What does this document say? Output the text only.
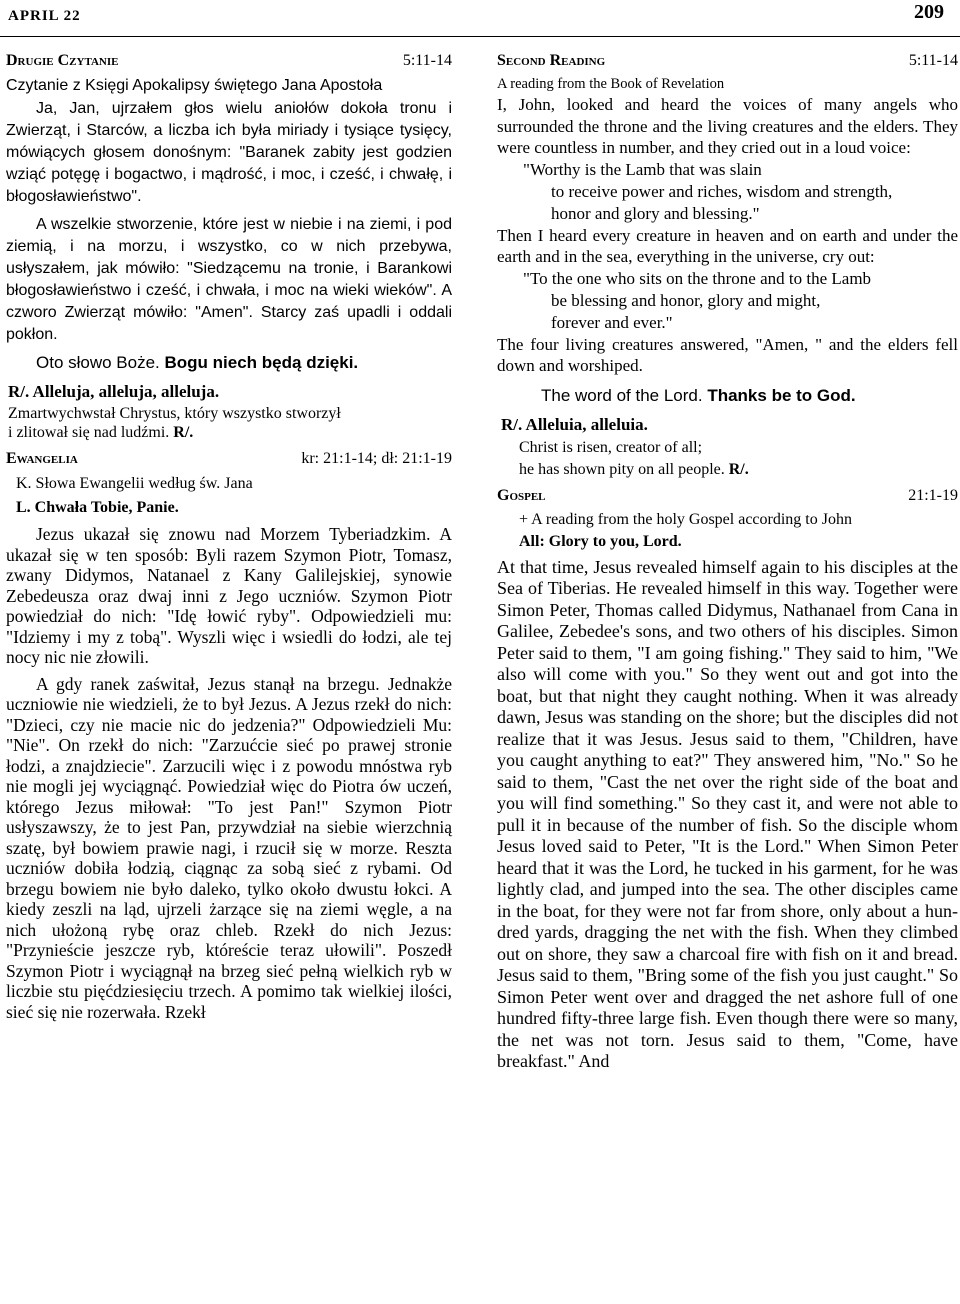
APRIL 22	209
Drugie Czytanie	5:11-14

Czytanie z Księgi Apokalipsy świętego Jana Apostoła

Ja, Jan, ujrzałem głos wielu aniołów dokoła tronu i Zwierząt, i Starców, a liczba ich była miriady i tysiące tysięcy, mówiących głosem donośnym: "Baranek zabity jest godzien wziąć potęgę i bogactwo, i mądrość, i moc, i cześć, i chwałę, i błogosławieństwo".

A wszelkie stworzenie, które jest w niebie i na ziemi, i pod ziemią, i na morzu, i wszystko, co w nich przebywa, usłyszałem, jak mówiło: "Siedzącemu na tronie, i Barankowi błogosławieństwo i cześć, i chwała, i moc na wieki wieków". A czworo Zwierząt mówiło: "Amen". Starcy zaś upadli i oddali pokłon.

Oto słowo Boże. Bogu niech będą dzięki.

R/. Alleluja, alleluja, alleluja.

Zmartwychwstał Chrystus, który wszystko stworzył
i zlitował się nad ludźmi. R/.
Ewangelia	kr: 21:1-14; dł: 21:1-19
K. Słowa Ewangelii według św. Jana
L. Chwała Tobie, Panie.

Jezus ukazał się znowu nad Morzem Tyberiadzkim. A ukazał się w ten sposób: Byli razem Szymon Piotr, Tomasz, zwany Didymos, Natanael z Kany Galilejskiej, synowie Zebedeusza oraz dwaj inni z Jego uczniów. Szymon Piotr powiedział do nich: "Idę łowić ryby". Odpowiedzieli mu: "Idziemy i my z tobą". Wyszli więc i wsiedli do łodzi, ale tej nocy nic nie złowili.

A gdy ranek zaświtał, Jezus stanął na brzegu. Jednakże uczniowie nie wiedzieli, że to był Jezus. A Jezus rzekł do nich: "Dzieci, czy nie macie nic do jedzenia?" Odpowiedzieli Mu: "Nie". On rzekł do nich: "Zarzućcie sieć po prawej stronie łodzi, a znajdziecie". Zarzucili więc i z powodu mnóstwa ryb nie mogli jej wyciągnąć. Powiedział więc do Piotra ów uczeń, którego Jezus miłował: "To jest Pan!" Szymon Piotr usłyszawszy, że to jest Pan, przywdział na siebie wierzchnią szatę, był bowiem prawie nagi, i rzucił się w morze. Reszta uczniów dobiła łodzią, ciągnąc za sobą sieć z rybami. Od brzegu bowiem nie było daleko, tylko około dwustu łokci. A kiedy zeszli na ląd, ujrzeli żarzące się na ziemi węgle, a na nich ułożoną rybę oraz chleb. Rzekł do nich Jezus: "Przynieście jeszcze ryb, któreście teraz ułowili". Poszedł Szymon Piotr i wyciągnął na brzeg sieć pełną wielkich ryb w liczbie stu pięćdziesięciu trzech. A pomimo tak wielkiej ilości, sieć się nie rozerwała. Rzekł

Second Reading	5:11-14

A reading from the Book of Revelation

I, John, looked and heard the voices of many angels who surrounded the throne and the living creatures and the elders. They were countless in number, and they cried out in a loud voice:

"Worthy is the Lamb that was slain
to receive power and riches, wisdom and strength,
honor and glory and blessing."

Then I heard every creature in heaven and on earth and under the earth and in the sea, everything in the universe, cry out:

"To the one who sits on the throne and to the Lamb
be blessing and honor, glory and might,
forever and ever."

The four living creatures answered, "Amen, " and the elders fell down and worshiped.

The word of the Lord. Thanks be to God.

R/. Alleluia, alleluia.

Christ is risen, creator of all;
he has shown pity on all people. R/.
Gospel	21:1-19
+ A reading from the holy Gospel according to John
All: Glory to you, Lord.

At that time, Jesus revealed himself again to his disciples at the Sea of Tiberias. He revealed himself in this way. Together were Simon Peter, Thomas called Didymus, Nathanael from Cana in Galilee, Zebedee's sons, and two others of his disciples. Simon Peter said to them, "I am going fishing." They said to him, "We also will come with you." So they went out and got into the boat, but that night they caught nothing. When it was already dawn, Jesus was standing on the shore; but the disciples did not realize that it was Jesus. Jesus said to them, "Children, have you caught anything to eat?" They answered him, "No." So he said to them, "Cast the net over the right side of the boat and you will find something." So they cast it, and were not able to pull it in because of the number of fish. So the disciple whom Jesus loved said to Peter, "It is the Lord." When Simon Peter heard that it was the Lord, he tucked in his garment, for he was lightly clad, and jumped into the sea. The other disciples came in the boat, for they were not far from shore, only about a hundred yards, dragging the net with the fish. When they climbed out on shore, they saw a charcoal fire with fish on it and bread. Jesus said to them, "Bring some of the fish you just caught." So Simon Peter went over and dragged the net ashore full of one hundred fifty-three large fish. Even though there were so many, the net was not torn. Jesus said to them, "Come, have breakfast." And
